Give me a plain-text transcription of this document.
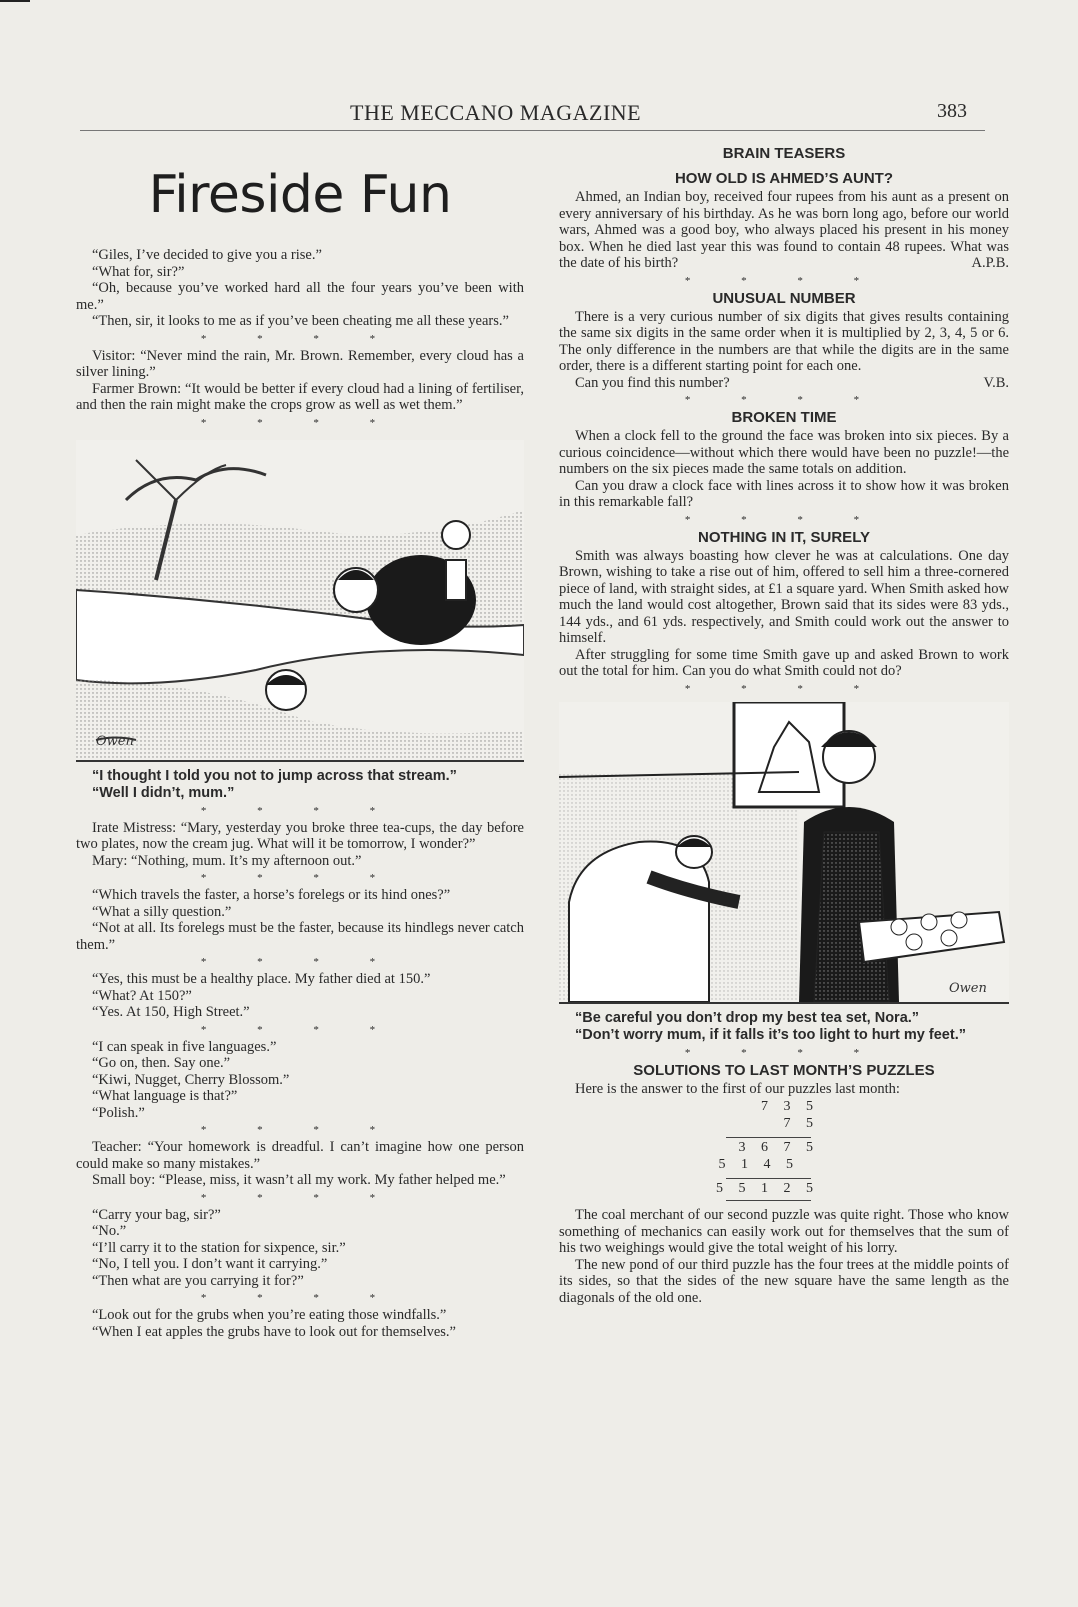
THE MECCANO MAGAZINE	383
Fireside Fun

“Giles, I’ve decided to give you a rise.”

“What for, sir?”

“Oh, because you’ve worked hard all the four years you’ve been with me.”

“Then, sir, it looks to me as if you’ve been cheating me all these years.”

* * * *

Visitor: “Never mind the rain, Mr. Brown. Remember, every cloud has a silver lining.”

Farmer Brown: “It would be better if every cloud had a lining of fertiliser, and then the rain might make the crops grow as well as wet them.”

* * * *
Owen
“I thought I told you not to jump across that stream.”
“Well I didn’t, mum.”
* * * *

Irate Mistress: “Mary, yesterday you broke three tea-cups, the day before two plates, now the cream jug. What will it be tomorrow, I wonder?”

Mary: “Nothing, mum. It’s my afternoon out.”

* * * *

“Which travels the faster, a horse’s forelegs or its hind ones?”

“What a silly question.”

“Not at all. Its forelegs must be the faster, because its hindlegs never catch them.”

* * * *

“Yes, this must be a healthy place. My father died at 150.”

“What? At 150?”

“Yes. At 150, High Street.”

* * * *

“I can speak in five languages.”

“Go on, then. Say one.”

“Kiwi, Nugget, Cherry Blossom.”

“What language is that?”

“Polish.”

* * * *

Teacher: “Your homework is dreadful. I can’t imagine how one person could make so many mistakes.”

Small boy: “Please, miss, it wasn’t all my work. My father helped me.”

* * * *

“Carry your bag, sir?”

“No.”

“I’ll carry it to the station for sixpence, sir.”

“No, I tell you. I don’t want it carrying.”

“Then what are you carrying it for?”

* * * *

“Look out for the grubs when you’re eating those windfalls.”

“When I eat apples the grubs have to look out for themselves.”

BRAIN TEASERS
HOW OLD IS AHMED’S AUNT?

Ahmed, an Indian boy, received four rupees from his aunt as a present on every anniversary of his birthday. As he was born long ago, before our world wars, Ahmed was a good boy, who always placed his present in his money box. When he died last year this was found to contain 48 rupees. What was the date of his birth?	A.P.B.

* * * *
UNUSUAL NUMBER

There is a very curious number of six digits that gives results containing the same six digits in the same order when it is multiplied by 2, 3, 4, 5 or 6. The only difference in the numbers are that while the digits are in the same order, there is a different starting point for each one.

Can you find this number?	V.B.

* * * *
BROKEN TIME

When a clock fell to the ground the face was broken into six pieces. By a curious coincidence—without which there would have been no puzzle!—the numbers on the six pieces made the same totals on addition.

Can you draw a clock face with lines across it to show how it was broken in this remarkable fall?

* * * *
NOTHING IN IT, SURELY

Smith was always boasting how clever he was at calculations. One day Brown, wishing to take a rise out of him, offered to sell him a three-cornered piece of land, with straight sides, at £1 a square yard. When Smith asked how much the land would cost altogether, Brown said that its sides were 83 yds., 144 yds., and 61 yds. respectively, and Smith could work out the answer to himself.

After struggling for some time Smith gave up and asked Brown to work out the total for him. Can you do what Smith could not do?

* * * *
Owen
“Be careful you don’t drop my best tea set, Nora.”
“Don’t worry mum, if it falls it’s too light to hurt my feet.”
* * * *
SOLUTIONS TO LAST MONTH’S PUZZLES

Here is the answer to the first of our puzzles last month:

7 3 5
7 5
3 6 7 5
5 1 4 5
5 5 1 2 5

The coal merchant of our second puzzle was quite right. Those who know something of mechanics can easily work out for themselves that the sum of his two weighings would give the total weight of his lorry.

The new pond of our third puzzle has the four trees at the middle points of its sides, so that the sides of the new square have the same length as the diagonals of the old one.
